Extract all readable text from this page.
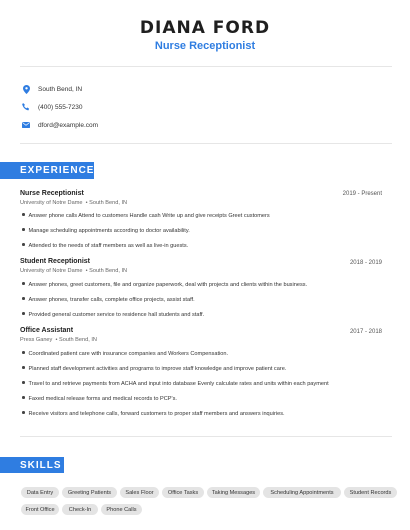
DIANA FORD
Nurse Receptionist
South Bend, IN
(400) 555-7230
dford@example.com
EXPERIENCE
Nurse Receptionist	2019 - Present
University of Notre Dame  • South Bend, IN
Answer phone calls Attend to customers Handle cash Write up and give receipts Greet customers
Manage scheduling appointments according to doctor availability.
Attended to the needs of staff members as well as live-in guests.
Student Receptionist	2018 - 2019
University of Notre Dame  • South Bend, IN
Answer phones, greet customers, file and organize paperwork, deal with projects and clients within the business.
Answer phones, transfer calls, complete office projects, assist staff.
Provided general customer service to residence hall students and staff.
Office Assistant	2017 - 2018
Press Ganey  • South Bend, IN
Coordinated patient care with insurance companies and Workers Compensation.
Planned staff development activities and programs to improve staff knowledge and improve patient care.
Travel to and retrieve payments from ACHA and input into database Evenly calculate rates and units within each payment
Faxed medical release forms and medical records to PCP's.
Receive visitors and telephone calls, forward customers to proper staff members and answers inquiries.
SKILLS
Data Entry	Greeting Patients	Sales Floor	Office Tasks	Taking Messages	Scheduling Appointments	Student Records
Front Office	Check-In	Phone Calls
